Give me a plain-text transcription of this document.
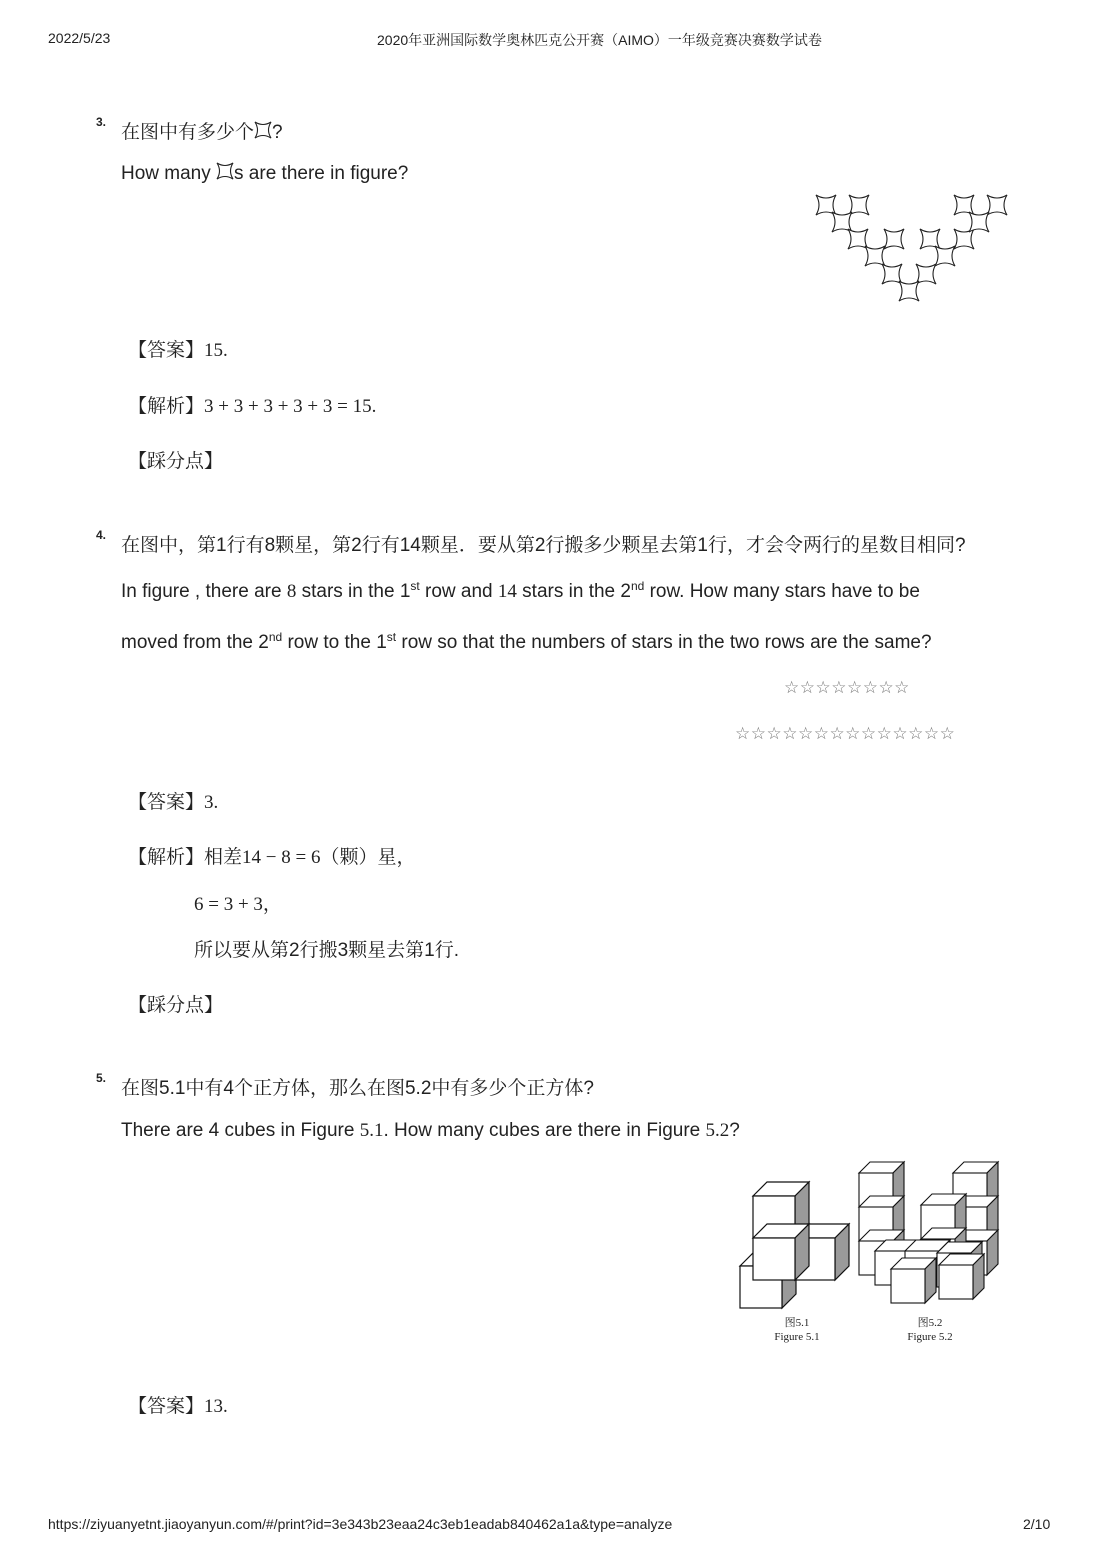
2022/5/23	2020年亚洲国际数学奥林匹克公开赛（AIMO）一年级竞赛决赛数学试卷
3. 在图中有多少个 ?
How many s are there in figure?
【答案】15.
【解析】3 + 3 + 3 + 3 + 3 = 15.
【踩分点】
4. 在图中，第1行有8颗星，第2行有14颗星．要从第2行搬多少颗星去第1行，才会令两行的星数目相同?
In figure , there are 8 stars in the 1st row and 14 stars in the 2nd row. How many stars have to be
moved from the 2nd row to the 1st row so that the numbers of stars in the two rows are the same?
☆☆☆☆☆☆☆☆
☆☆☆☆☆☆☆☆☆☆☆☆☆☆
【答案】3.
【解析】相差14 − 8 = 6（颗）星，
6 = 3 + 3，
所以要从第2行搬3颗星去第1行.
【踩分点】
5. 在图5.1中有4个正方体，那么在图5.2中有多少个正方体?
There are 4 cubes in Figure 5.1. How many cubes are there in Figure 5.2?
图5.1
Figure 5.1
图5.2
Figure 5.2
【答案】13.
https://ziyuanyetnt.jiaoyanyun.com/#/print?id=3e343b23eaa24c3eb1eadab840462a1a&type=analyze	2/10
